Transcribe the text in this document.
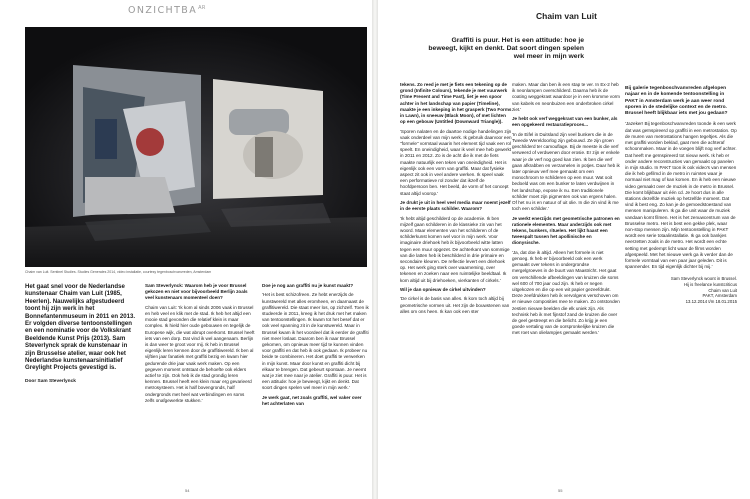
$ONZICHTBA^{AR}$
Chaim van Luit. Sentinel Studies. Studies Generales 2014, video installatie, courtesy tegenboschvanvreden, Amsterdam
Het gaat snel voor de Nederlandse kunstenaar Chaim van Luit (1985, Heerlen). Nauwelijks afgestudeerd toont hij zijn werk in het Bonnefantenmuseum in 2011 en 2013. Er volgden diverse tentoonstellingen en een nominatie voor de Volkskrant Beeldende Kunst Prijs (2013). Sam Steverlynck sprak de kunstenaar in zijn Brusselse atelier, waar ook het Nederlandse kunstenaarsinitiatief Greylight Projects gevestigd is.
Door Sam Steverlynck

Sam Steverlynck: Waarom heb je voor Brussel gekozen en niet voor bijvoorbeeld Berlijn zoals veel kunstenaars momenteel doen?

Chaim van Luit: 'Ik kom al sinds 2006 vaak in Brussel en heb veel en klik met de stad. Ik heb het altijd een mooie stad gevonden die relatief klein is maar complex. Ik hield hier oude gebouwen en tegelijk de Europese wijk, die wat abrupt overkomt. Brussel heeft iets van een dorp. Dat vind ik wel aangenaam. Berlijn is dan weer te groot voor mij. Ik heb in Brussel eigenlijk leren kennen door de graffitiwereld. Ik ben al vijftien jaar fanatiek met graffiti bezig en kwam hier gedurende drie jaar vaak werk maken. Op een gegeven moment ontstaat de behoefte ook elders actief te zijn. Ook heb ik de stad grondig leren kennen. Brussel heeft een klein maar erg gevarieerd metrosysteem. Het is half bovengronds, half ondergronds met heel wat verbindingen en soms zelfs onafgewerkte stukken.'

Doe je nog aan graffiti nu je kunst maakt?

'Het is best schizofreen. Ze hebt enerzijds de kunstwereld met alles eromheen, en daarnaast de graffitiwereld. Die staat meer los, op zichzelf. Toen ik studeerde in 2011, kreeg ik het druk met het maken van tentoonstellingen. Ik kwam tot het besef dat er ook veel spanning zit in de kunstwereld. Maar in Brussel kwam ik het voordeel dat ik eerder de graffiti niet meer loslaat. Daarom ben ik naar Brussel gekomen, om opnieuw meer tijd te kunnen vinden voor graffiti en dat heb ik ook gedaan. Ik probeer nu beide te combineren. Het doet graffiti te verwerken in mijn kunst. Maar door kunst en graffiti dicht bij elkaar te brengen. Dat gebeurt spontaan. Je neemt wat je ziet mee naar je atelier. Graffiti is puur. Het is een attitude: hoe je beweegt, kijkt en denkt. Dat soort dingen spelen wel meer in mijn werk.'

Je werk gaat, net zoals graffiti, wel vaker over het achterlaten van

54
Chaim van Luit
Graffiti is puur. Het is een attitude: hoe je beweegt, kijkt en denkt. Dat soort dingen spelen wel meer in mijn werk

tekens. Zo reed je met je fiets een tekening op de grond (Infinite Colours), tekende je met vuurwerk (Time Present and Time Past), liet je een spoor achter in het landschap van papier (Timeline), maakte je een inkeping in het grasperk (Two Forms in Lawn), in sneeuw (Black Moon), of met lichten op een gebouw (Untitled (Downward Triangle)).

'Sporen nalaten en de daartoe nodige handelingen zijn vaak onderdeel van mijn werk. Ik gebruik daarvoor een "formele" vormtaal waarin het element tijd vaak een rol speelt. En oneindigheid, waar ik veel mee heb gewerkt in 2011 en 2012. Zo is de acht die ik met de fiets maakte natuurlijk een teken van oneindigheid. Het is eigenlijk ook een vorm van graffiti. Maar dat fysieke aspect zit ook in veel andere werken. Ik speel vaak een performatieve rol zonder dat ikzelf de hoofdpersoon ben. Het beeld, de vorm of het concept staat altijd voorop.'

Je drukt je uit in heel veel media maar noemt jezelf in de eerste plaats schilder. Waarom?

'Ik hebt altijd geschilderd op de academie. Ik ben mijzelf gaan schilderen in de klassieke zin van het woord. Maar elementen van het schilderen of de schilderkunst komen wel voor in mijn werk. Voor imaginaire driehoek heb ik bijvoorbeeld witte latten tegen een muur opgezet. De achterkant van sommige van die latten heb ik beschilderd in drie primaire en secondaire kleuren. De reflectie levert een driehoek op. Het werk ging sterk over waarneming, over tekenen en zoeken naar een ruimtelijke beeldtaal. Ik kom altijd uit bij driehoeken, vierkanten of cirkels.'

Wil je dan opnieuw de cirkel uitvinden?

'De cirkel is de basis van alles. Ik kom toch altijd bij geometrische vormen uit. Het zijn de bouwstenen van alles om ons heen. Ik kan ook een ster

maken. Maar dan ben ik een stap te ver. In Ex-2 heb ik neonlampen overschilderd. Daarna heb ik de coating weggekrast waardoor je in een kromme vorm van kabels en neonbuizen een onderbroken cirkel ziet.'

Je hebt ook verf weggekrast van een bunker, als een opgekeerd restauratieproces...

'In de Eifel in Duitsland zijn veel bunkers die in de Tweede Wereldoorlog zijn gebouwd. Ze zijn groen geschilderd ter camouflage. Bij de meeste is die verf verweerd of verdwenen door erosie. Er zijn er enkele waar je de verf nog goed kan zien. Ik ben die verf gaan afkrabben en verzamelen in potjes. Daar heb ik later opnieuw verf mee gemaakt om een monochroom te schilderen op een muur. Wat ooit bedoeld was om een bunker te laten verdwijnen in het landschap, expose ik nu. Een traditionele schilder moet zijn pigmenten ook van ergens halen. Of het nu is en natuur of uit olie. In die zin vind ik me toch een schilder.'

Je werkt enerzijds met geometrische patronen en rationele elementen. Maar anderzijds ook met tekens, bunkers, rituelen. Het lijkt haast een tweespalt tussen het apollinische en dionysische.

'Ja, dat doe ik altijd. Alleen het formele is niet genoeg. Ik heb er bijvoorbeeld ook een werk gemaakt over tekens in ondergrondse mergelgroeves in de buurt van Maastricht. Het gaat om verschillende afbeeldingen van kruizen die soms wel 600 of 700 jaar oud zijn. Ik heb er negen uitgekozen en die op een wit papier gezeefdrukt. Deze zeefdrukken heb ik vervolgens verschoven om er nieuwe composities mee te maken. Zo ontstonden zestien nieuwe beelden die elk uniek zijn. Als technisk heb ik met fijnstof zand de kruizen die over de geel gestreept en die belicht. Zo krijg je een goede vertaling van de oorspronkelijke kruizen die met roet van olielampjes gemaakt werden.'

Bij galerie tegenboschvanvreden afgelopen najaar en in de komende tentoonstelling in PAKT in Amsterdam werk je aan weer rond sporen in de stedelijke context en de metro. Brussel heeft blijkbaar iets met jou gedaan?

'Jazeker! Bij tegenboschvanvreden toonde ik een werk dat was geïnspireerd op graffiti in een metrostation. Op de muren van metrostations hangen tegeltjes. Als die met graffiti worden beklad, gaat men die achteraf schoonmaken. Maar in de voegen blijft nog verf achter. Dat heeft me geïnspireerd tot nieuw werk. Ik heb er onder andere reconstructies van gemaakt op panelen in mijn studio. In PAKT toon ik ook video's van mensen die ik heb gefilmd in de metro in ruimtes waar je normaal niet mag of kan komen. En ik heb een nieuwe video gemaakt over de muziek in de metro in Brussel. Die komt blijkbaar uit één cd. Je hoort dus in alle stations dezelfde muziek op hetzelfde moment. Dat vind ik best eng. Zo kan je de gemoedstoestand van mensen manipuleren. Ik ga die unit waar de muziek vandaan komt filmen. Het is het zenuwcentrum van de Brusselse metro. Het is best een gekke plek, waar non-stop mensen zijn. Mijn tentoonstelling in PAKT wordt een serie totaalinstallatie. Ik ga ook bankjes neerzetten zoals in de metro. Het wordt een echte setting met gedempt licht waar de films worden afgespeeld. Met het nieuwe werk ga ik verder dan de formele vormtaal van een paar jaar geleden. Dit is spannender. En tijd eigenlijk dichter bij mij.'

Sam Steverlynck woont in Brussel.
Hij is freelance kunstcriticus
Chaim van Luit
PAKT, Amsterdam
13.12.2014 t/m 18.01.2015
55
